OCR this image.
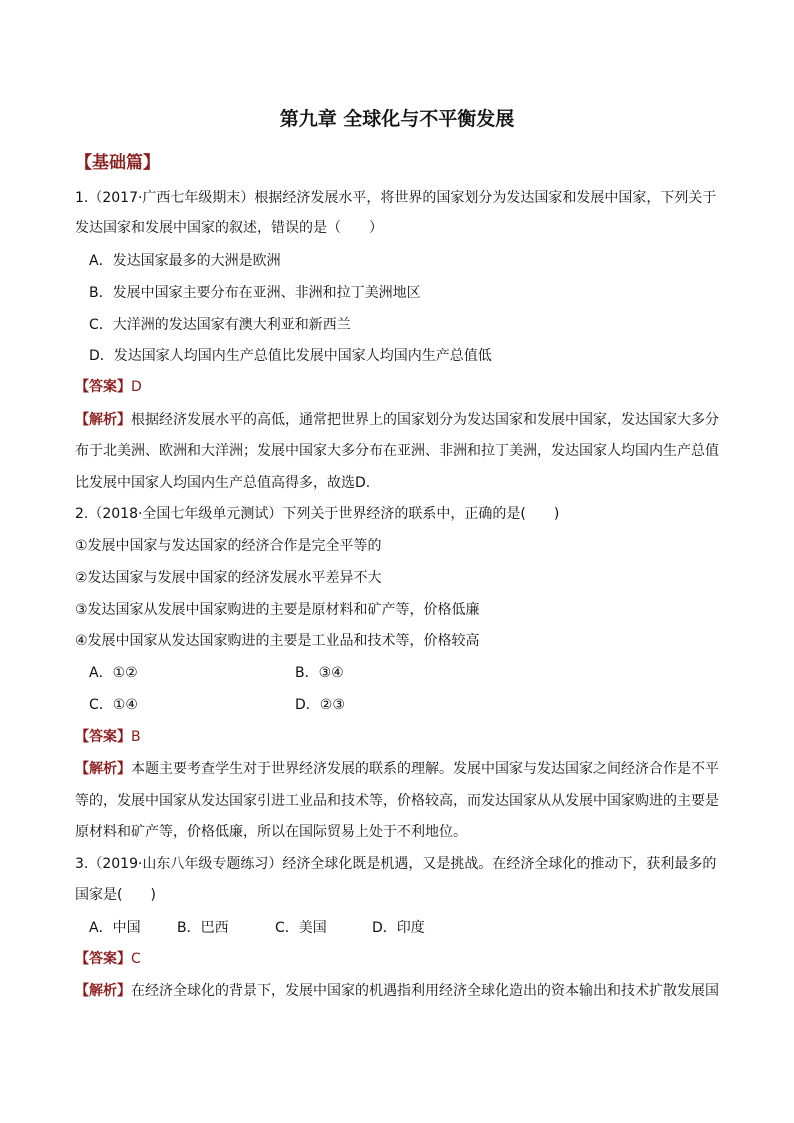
第九章 全球化与不平衡发展
【基础篇】
1.（2017·广西七年级期末）根据经济发展水平，将世界的国家划分为发达国家和发展中国家，下列关于
发达国家和发展中国家的叙述，错误的是（　　）
A．发达国家最多的大洲是欧洲
B．发展中国家主要分布在亚洲、非洲和拉丁美洲地区
C．大洋洲的发达国家有澳大利亚和新西兰
D．发达国家人均国内生产总值比发展中国家人均国内生产总值低
【答案】D
【解析】根据经济发展水平的高低，通常把世界上的国家划分为发达国家和发展中国家，发达国家大多分
布于北美洲、欧洲和大洋洲；发展中国家大多分布在亚洲、非洲和拉丁美洲，发达国家人均国内生产总值
比发展中国家人均国内生产总值高得多，故选D.
2.（2018·全国七年级单元测试）下列关于世界经济的联系中，正确的是(　　)
①发展中国家与发达国家的经济合作是完全平等的
②发达国家与发展中国家的经济发展水平差异不大
③发达国家从发展中国家购进的主要是原材料和矿产等，价格低廉
④发展中国家从发达国家购进的主要是工业品和技术等，价格较高
A．①②	B．③④
C．①④	D．②③
【答案】B
【解析】本题主要考查学生对于世界经济发展的联系的理解。发展中国家与发达国家之间经济合作是不平
等的，发展中国家从发达国家引进工业品和技术等，价格较高，而发达国家从从发展中国家购进的主要是
原材料和矿产等，价格低廉，所以在国际贸易上处于不利地位。
3.（2019·山东八年级专题练习）经济全球化既是机遇，又是挑战。在经济全球化的推动下，获利最多的
国家是(　　)
A．中国	B．巴西	C．美国	D．印度
【答案】C
【解析】在经济全球化的背景下，发展中国家的机遇指利用经济全球化造出的资本输出和技术扩散发展国
